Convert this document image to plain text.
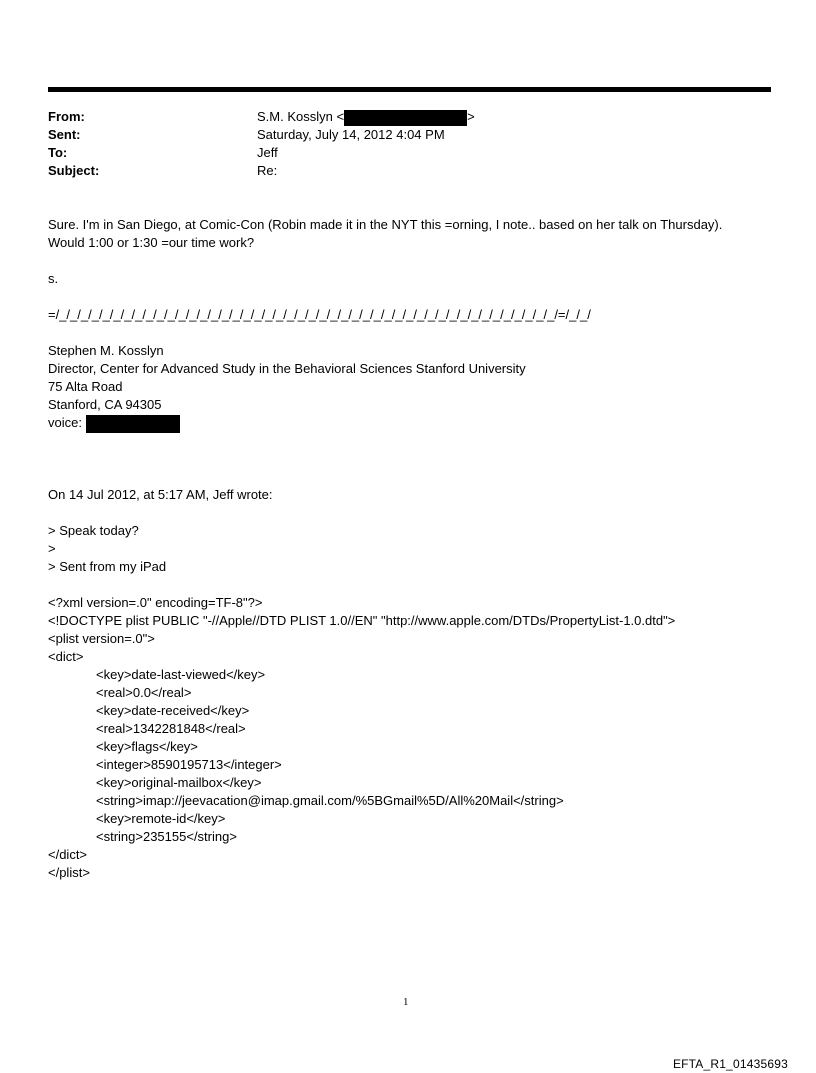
From:	S.M. Kosslyn <	>
Sent:	Saturday, July 14, 2012 4:04 PM
To:	Jeff
Subject:	Re:
Sure. I'm in San Diego, at Comic-Con (Robin made it in the NYT this =orning, I note.. based on her talk on Thursday).
Would 1:00 or 1:30 =our time work?
s.
=/_/_/_/_/_/_/_/_/_/_/_/_/_/_/_/_/_/_/_/_/_/_/_/_/_/_/_/_/_/_/_/_/_/_/_/_/_/_/_/_/_/_/_/_/_/_/=/_/_/
Stephen M. Kosslyn
Director, Center for Advanced Study in the Behavioral Sciences Stanford University
75 Alta Road
Stanford, CA 94305
voice:
On 14 Jul 2012, at 5:17 AM, Jeff wrote:
> Speak today?
>
> Sent from my iPad
<?xml version=.0" encoding=TF-8"?>
<!DOCTYPE plist PUBLIC "-//Apple//DTD PLIST 1.0//EN" "http://www.apple.com/DTDs/PropertyList-1.0.dtd">
<plist version=.0">
<dict>
<key>date-last-viewed</key>
<real>0.0</real>
<key>date-received</key>
<real>1342281848</real>
<key>flags</key>
<integer>8590195713</integer>
<key>original-mailbox</key>
<string>imap://jeevacation@imap.gmail.com/%5BGmail%5D/All%20Mail</string>
<key>remote-id</key>
<string>235155</string>
</dict>
</plist>
1
EFTA_R1_01435693
